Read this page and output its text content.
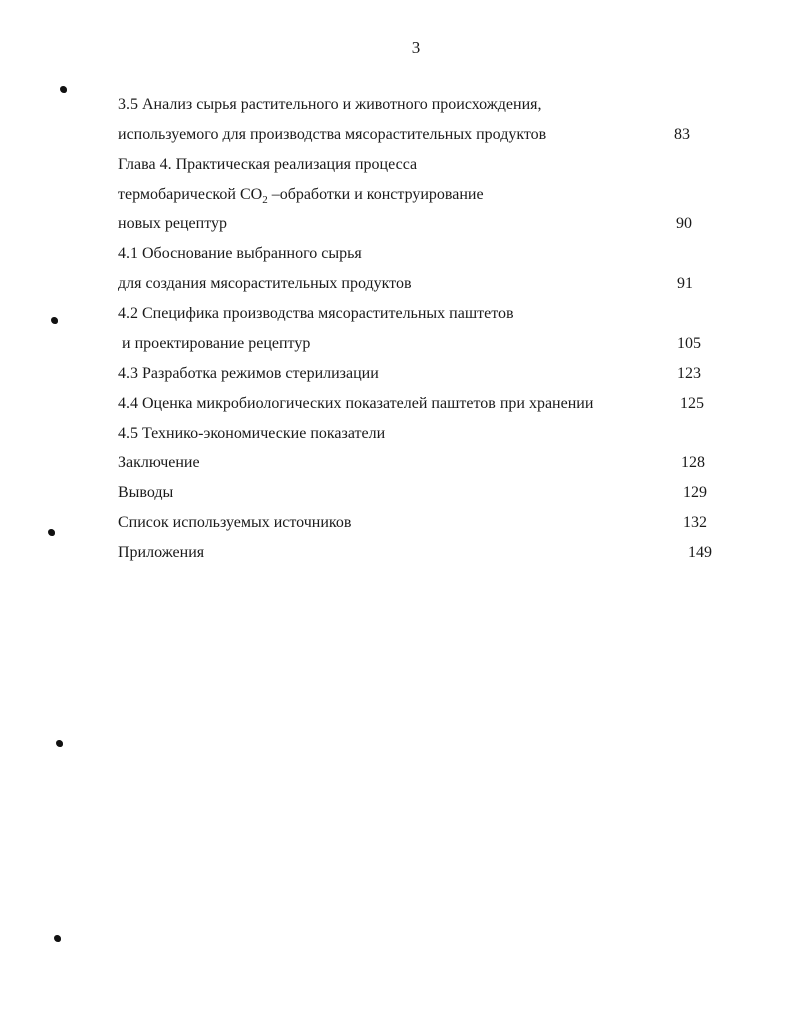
3
3.5 Анализ сырья растительного и животного происхождения,
используемого для производства мясорастительных продуктов	83
Глава 4. Практическая реализация процесса
термобарической $CO_2$ –обработки и конструирование
новых рецептур	90
4.1 Обоснование выбранного сырья
для создания мясорастительных продуктов	91
4.2 Специфика производства мясорастительных паштетов
и проектирование рецептур	105
4.3 Разработка режимов стерилизации	123
4.4 Оценка микробиологических показателей паштетов при хранении	125
4.5 Технико-экономические показатели
Заключение	128
Выводы	129
Список используемых источников	132
Приложения	149
